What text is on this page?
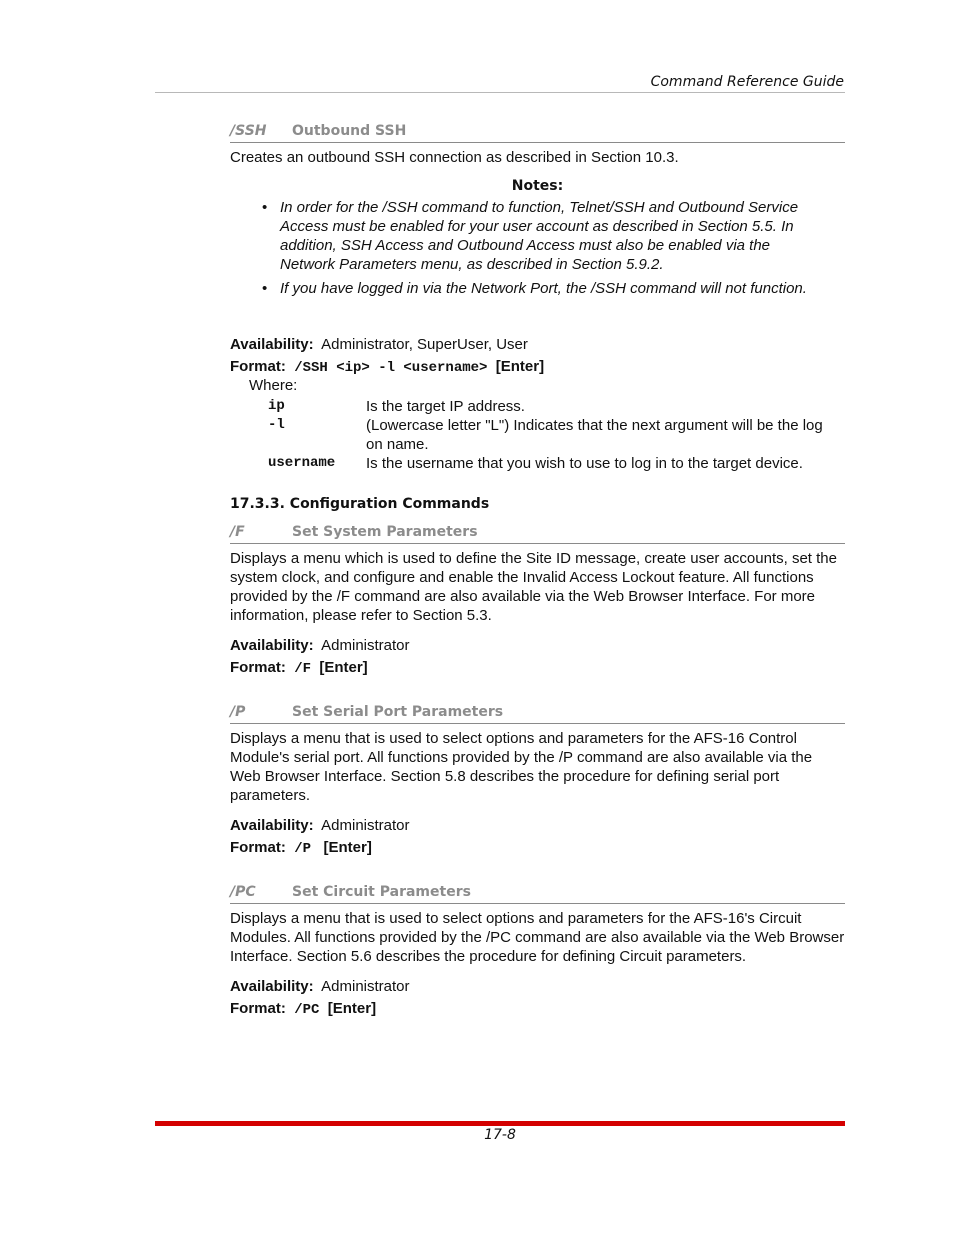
Command Reference Guide
/SSH Outbound SSH

Creates an outbound SSH connection as described in Section 10.3.

Notes:
• In order for the /SSH command to function, Telnet/SSH and Outbound Service Access must be enabled for your user account as described in Section 5.5. In addition, SSH Access and Outbound Access must also be enabled via the Network Parameters menu, as described in Section 5.9.2.
• If you have logged in via the Network Port, the /SSH command will not function.
Availability: Administrator, SuperUser, User
Format: /SSH <ip> -l <username> [Enter]
Where:
ip	Is the target IP address.
-l	(Lowercase letter "L") Indicates that the next argument will be the log on name.
username Is the username that you wish to use to log in to the target device.
17.3.3. Configuration Commands
/F	Set System Parameters

Displays a menu which is used to define the Site ID message, create user accounts, set the system clock, and configure and enable the Invalid Access Lockout feature. All functions provided by the /F command are also available via the Web Browser Interface. For more information, please refer to Section 5.3.

Availability: Administrator
Format: /F [Enter]
/P	Set Serial Port Parameters

Displays a menu that is used to select options and parameters for the AFS-16 Control Module's serial port. All functions provided by the /P command are also available via the Web Browser Interface. Section 5.8 describes the procedure for defining serial port parameters.

Availability: Administrator
Format: /P [Enter]
/PC	Set Circuit Parameters

Displays a menu that is used to select options and parameters for the AFS-16's Circuit Modules. All functions provided by the /PC command are also available via the Web Browser Interface. Section 5.6 describes the procedure for defining Circuit parameters.

Availability: Administrator
Format: /PC [Enter]
17-8
